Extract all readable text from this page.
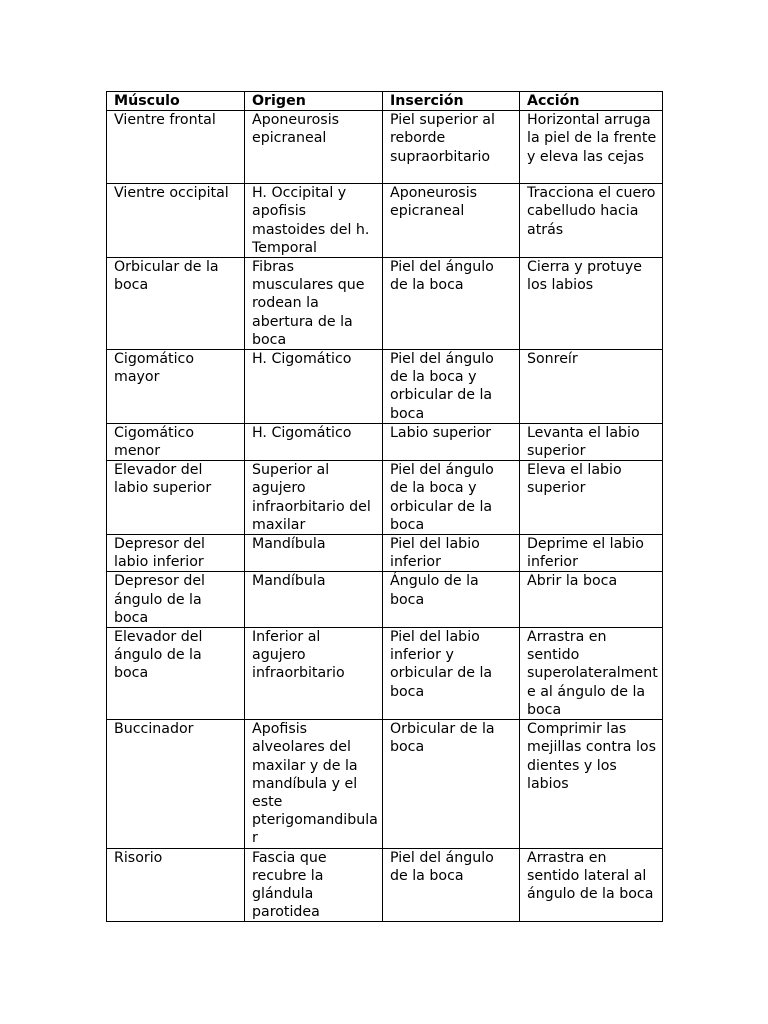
Músculo	Origen	Inserción	Acción
Vientre frontal	Aponeurosis epicraneal	Piel superior al reborde supraorbitario	Horizontal arruga la piel de la frente y eleva las cejas
Vientre occipital	H. Occipital y apofisis mastoides del h. Temporal	Aponeurosis epicraneal	Tracciona el cuero cabelludo hacia atrás
Orbicular de la boca	Fibras musculares que rodean la abertura de la boca	Piel del ángulo de la boca	Cierra y protuye los labios
Cigomático mayor	H. Cigomático	Piel del ángulo de la boca y orbicular de la boca	Sonreír
Cigomático menor	H. Cigomático	Labio superior	Levanta el labio superior
Elevador del labio superior	Superior al agujero infraorbitario del maxilar	Piel del ángulo de la boca y orbicular de la boca	Eleva el labio superior
Depresor del labio inferior	Mandíbula	Piel del labio inferior	Deprime el labio inferior
Depresor del ángulo de la boca	Mandíbula	Ángulo de la boca	Abrir la boca
Elevador del ángulo de la boca	Inferior al agujero infraorbitario	Piel del labio inferior y orbicular de la boca	Arrastra en sentido superolateralmente al ángulo de la boca
Buccinador	Apofisis alveolares del maxilar y de la mandíbula y el este pterigomandibular	Orbicular de la boca	Comprimir las mejillas contra los dientes y los labios
Risorio	Fascia que recubre la glándula parotidea	Piel del ángulo de la boca	Arrastra en sentido lateral al ángulo de la boca
